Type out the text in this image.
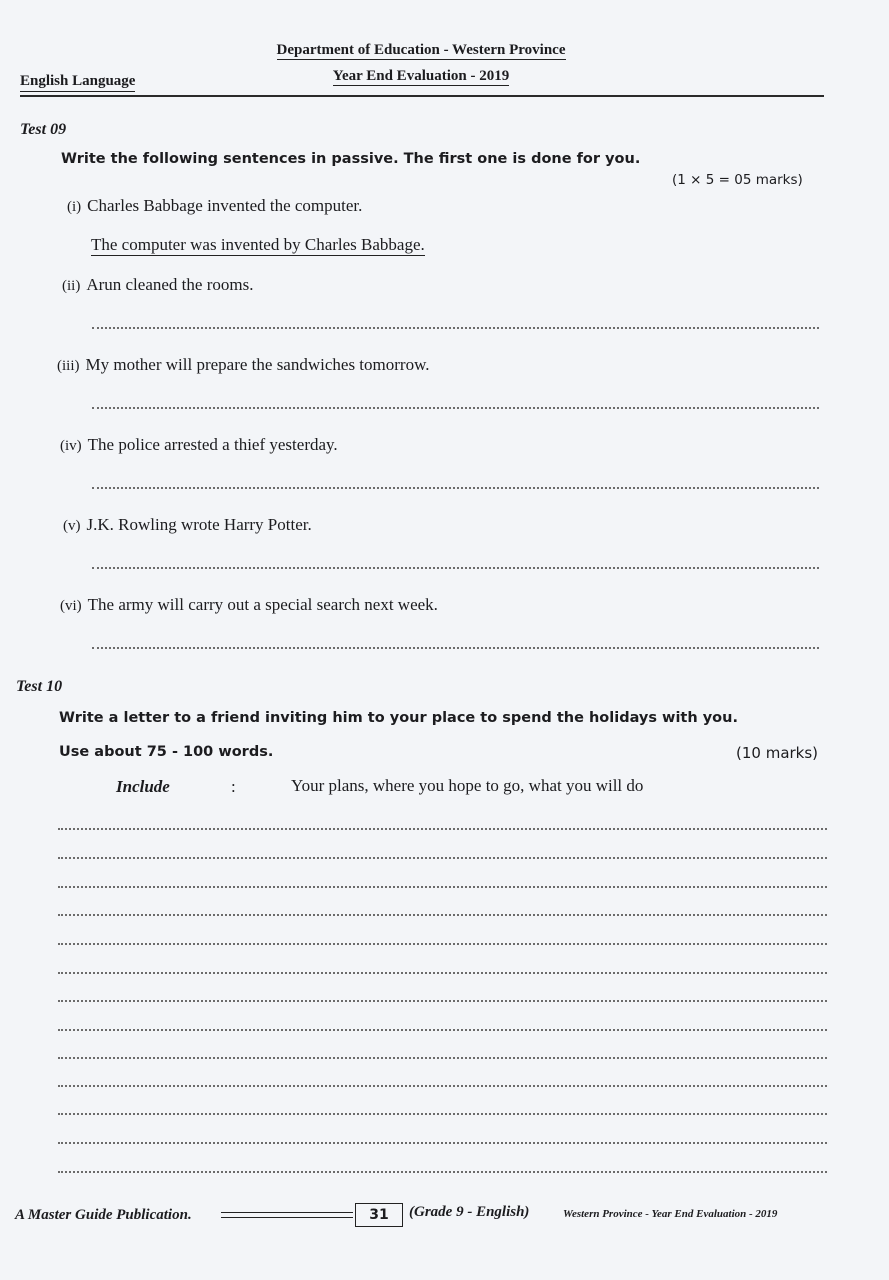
Department of Education - Western Province
Year End Evaluation - 2019
English Language
Test 09
Write the following sentences in passive. The first one is done for you.
(1 × 5 = 05 marks)
(i) Charles Babbage invented the computer.
The computer was invented by Charles Babbage.
(ii) Arun cleaned the rooms.
(iii) My mother will prepare the sandwiches tomorrow.
(iv) The police arrested a thief yesterday.
(v) J.K. Rowling wrote Harry Potter.
(vi) The army will carry out a special search next week.
Test 10
Write a letter to a friend inviting him to your place to spend the holidays with you.
Use about 75 - 100 words.	(10 marks)
Include	:	Your plans, where you hope to go, what you will do
A Master Guide Publication.	31	(Grade 9 - English)	Western Province - Year End Evaluation - 2019
